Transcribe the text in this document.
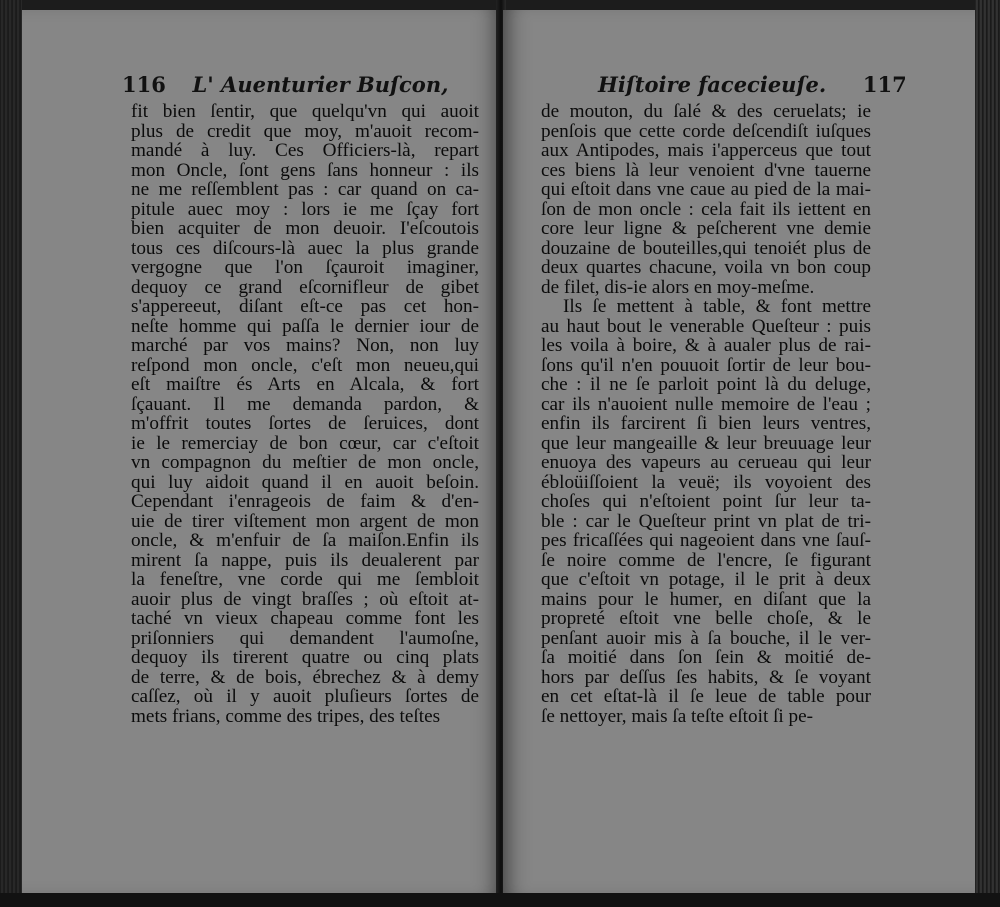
116 L' Auenturier Buſcon,
fit bien ſentir, que quelqu'vn qui auoit
plus de credit que moy, m'auoit recom-
mandé à luy. Ces Officiers-là, repart
mon Oncle, ſont gens ſans honneur : ils
ne me reſſemblent pas : car quand on ca-
pitule auec moy : lors ie me ſçay fort
bien acquiter de mon deuoir. I'eſcoutois
tous ces diſcours-là auec la plus grande
vergogne que l'on ſçauroit imaginer,
dequoy ce grand eſcornifleur de gibet
s'appereeut, diſant eſt-ce pas cet hon-
neſte homme qui paſſa le dernier iour de
marché par vos mains? Non, non luy
reſpond mon oncle, c'eſt mon neueu,qui
eſt maiſtre és Arts en Alcala, & fort
ſçauant. Il me demanda pardon, &
m'offrit toutes ſortes de ſeruices, dont
ie le remerciay de bon cœur, car c'eſtoit
vn compagnon du meſtier de mon oncle,
qui luy aidoit quand il en auoit beſoin.
Cependant i'enrageois de faim & d'en-
uie de tirer viſtement mon argent de mon
oncle, & m'enfuir de ſa maiſon.Enfin ils
mirent ſa nappe, puis ils deualerent par
la feneſtre, vne corde qui me ſembloit
auoir plus de vingt braſſes ; où eſtoit at-
taché vn vieux chapeau comme font les
priſonniers qui demandent l'aumoſne,
dequoy ils tirerent quatre ou cinq plats
de terre, & de bois, ébrechez & à demy
caſſez, où il y auoit pluſieurs ſortes de
mets frians, comme des tripes, des teſtes
Hiſtoire facecieuſe. 117
de mouton, du ſalé & des ceruelats; ie
penſois que cette corde deſcendiſt iuſques
aux Antipodes, mais i'apperceus que tout
ces biens là leur venoient d'vne tauerne
qui eſtoit dans vne caue au pied de la mai-
ſon de mon oncle : cela fait ils iettent en
core leur ligne & peſcherent vne demie
douzaine de bouteilles,qui tenoiét plus de
deux quartes chacune, voila vn bon coup
de filet, dis-ie alors en moy-meſme.
Ils ſe mettent à table, & font mettre
au haut bout le venerable Queſteur : puis
les voila à boire, & à aualer plus de rai-
ſons qu'il n'en pouuoit ſortir de leur bou-
che : il ne ſe parloit point là du deluge,
car ils n'auoient nulle memoire de l'eau ;
enfin ils farcirent ſi bien leurs ventres,
que leur mangeaille & leur breuuage leur
enuoya des vapeurs au cerueau qui leur
ébloüiſſoient la veuë; ils voyoient des
choſes qui n'eſtoient point ſur leur ta-
ble : car le Queſteur print vn plat de tri-
pes fricaſſées qui nageoient dans vne ſauſ-
ſe noire comme de l'encre, ſe figurant
que c'eſtoit vn potage, il le prit à deux
mains pour le humer, en diſant que la
propreté eſtoit vne belle choſe, & le
penſant auoir mis à ſa bouche, il le ver-
ſa moitié dans ſon ſein & moitié de-
hors par deſſus ſes habits, & ſe voyant
en cet eſtat-là il ſe leue de table pour
ſe nettoyer, mais ſa teſte eſtoit ſi pe-
